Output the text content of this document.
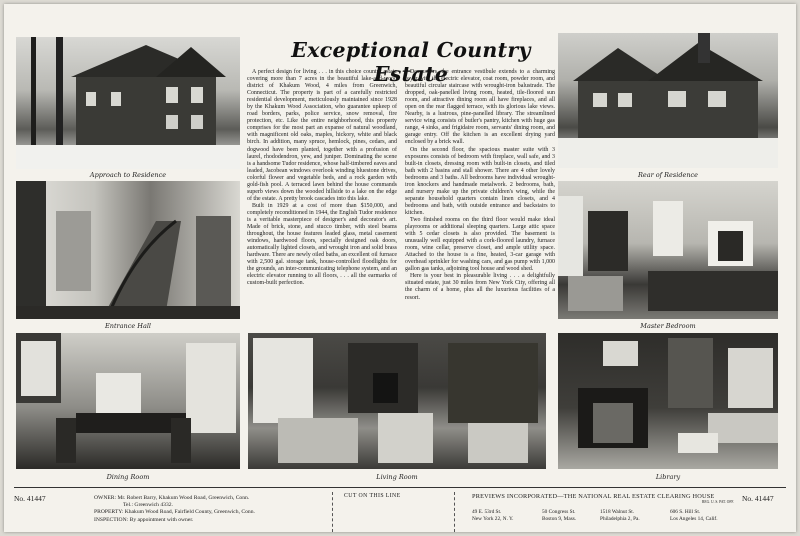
Approach to Residence
Exceptional Country Estate

A perfect design for living . . . in this choice country estate covering more than 7 acres in the beautiful lake-and-wood district of Khakum Wood, 4 miles from Greenwich, Connecticut. The property is part of a carefully restricted residential development, meticulously maintained since 1928 by the Khakum Wood Association, who guarantee upkeep of road borders, parks, police service, snow removal, fire protection, etc. Like the entire neighborhood, this property comprises for the most part an expanse of natural woodland, with magnificent old oaks, maples, hickory, white and black birch. In addition, many spruce, hemlock, pines, cedars, and dogwood have been planted, together with a profusion of laurel, rhododendron, yew, and juniper. Dominating the scene is a handsome Tudor residence, whose half-timbered eaves and leaded, Jacobean windows overlook winding bluestone drives, colorful flower and vegetable beds, and a rock garden with gold-fish pool. A terraced lawn behind the house commands superb views down the wooded hillside to a lake on the edge of the estate. A pretty brook cascades into this lake.

Built in 1929 at a cost of more than $150,000, and completely reconditioned in 1944, the English Tudor residence is a veritable masterpiece of designer's and decorator's art. Made of brick, stone, and stucco timber, with steel beams throughout, the house features leaded glass, metal casement windows, hardwood floors, specially designed oak doors, automatically lighted closets, and wrought iron and solid brass hardware. There are newly oiled baths, an excellent oil furnace with 2,500 gal. storage tank, house-controlled floodlights for the grounds, an inter-communicating telephone system, and an electric elevator running to all floors, . . . all the earmarks of custom-built perfection.

Downstairs, the entrance vestibule extends to a charming foyer with the electric elevator, coat room, powder room, and beautiful circular staircase with wrought-iron balustrade. The dropped, oak-panelled living room, heated, tile-floored sun room, and attractive dining room all have fireplaces, and all open on the rear flagged terrace, with its glorious lake views. Nearby, is a lustrous, pine-panelled library. The streamlined service wing consists of butler's pantry, kitchen with huge gas range, 4 sinks, and frigidaire room, servants' dining room, and garage entry. Off the kitchen is an excellent drying yard enclosed by a brick wall.

On the second floor, the spacious master suite with 3 exposures consists of bedroom with fireplace, wall safe, and 3 built-in closets, dressing room with built-in closets, and tiled bath with 2 basins and stall shower. There are 4 other lovely bedrooms and 3 baths. All bedrooms have individual wrought-iron knockers and handmade metalwork. 2 bedrooms, bath, and nursery make up the private children's wing, while the separate household quarters contain linen closets, and 4 bedrooms and bath, with outside entrance and backstairs to kitchen.

Two finished rooms on the third floor would make ideal playrooms or additional sleeping quarters. Large attic space with 5 cedar closets is also provided. The basement is unusually well equipped with a cork-floored laundry, furnace room, wine cellar, preserve closet, and ample utility space. Attached to the house is a fine, heated, 3-car garage with overhead sprinkler for washing cars, and gas pump with 1,000 gallon gas tanks, adjoining tool house and wood shed.

Here is your best in pleasurable living . . . a delightfully situated estate, just 30 miles from New York City, offering all the charm of a home, plus all the luxurious facilities of a resort.

Rear of Residence
Entrance Hall	Master Bedroom
Dining Room	Living Room	Library
No. 41447	OWNER: Mr. Robert Barry, Khakum Wood Road, Greenwich, Conn.
Tel.: Greenwich 4332.
PROPERTY: Khakum Wood Road, Fairfield County, Greenwich, Conn.
INSPECTION: By appointment with owner.
CUT ON THIS LINE	PREVIEWS INCORPORATED—THE NATIONAL REAL ESTATE CLEARING HOUSE
REG. U. S. PAT. OFF.
49 E. 53rd St.
New York 22, N. Y.
50 Congress St.
Boston 9, Mass.
1518 Walnut St.
Philadelphia 2, Pa.
606 S. Hill St.
Los Angeles 14, Calif.
No. 41447
